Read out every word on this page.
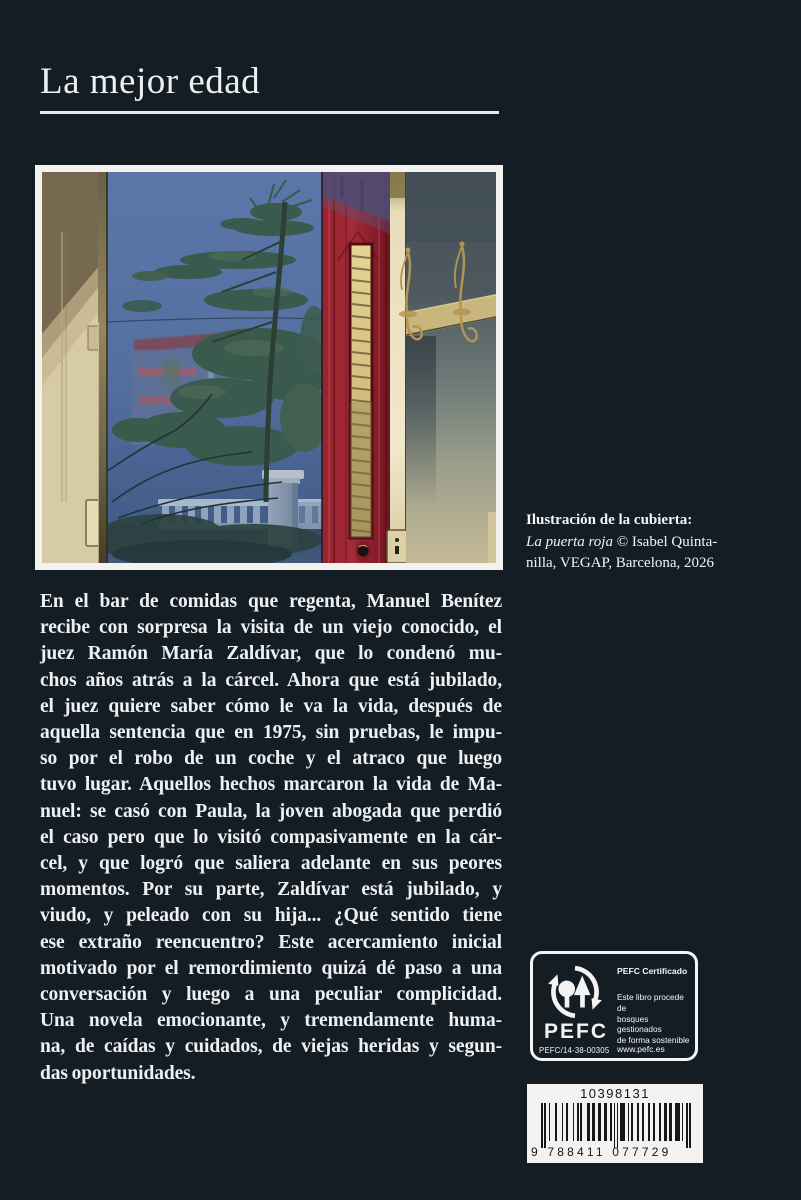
La mejor edad
Ilustración de la cubierta:
La puerta roja © Isabel Quinta-
nilla, VEGAP, Barcelona, 2026
En el bar de comidas que regenta, Manuel Benítez
recibe con sorpresa la visita de un viejo conocido, el
juez Ramón María Zaldívar, que lo condenó mu-
chos años atrás a la cárcel. Ahora que está jubilado,
el juez quiere saber cómo le va la vida, después de
aquella sentencia que en 1975, sin pruebas, le impu-
so por el robo de un coche y el atraco que luego
tuvo lugar. Aquellos hechos marcaron la vida de Ma-
nuel: se casó con Paula, la joven abogada que perdió
el caso pero que lo visitó compasivamente en la cár-
cel, y que logró que saliera adelante en sus peores
momentos. Por su parte, Zaldívar está jubilado, y
viudo, y peleado con su hija... ¿Qué sentido tiene
ese extraño reencuentro? Este acercamiento inicial
motivado por el remordimiento quizá dé paso a una
conversación y luego a una peculiar complicidad.
Una novela emocionante, y tremendamente huma-
na, de caídas y cuidados, de viejas heridas y segun-
das oportunidades.
PEFC
PEFC/14-38-00305
PEFC Certificado
Este libro procede de
bosques gestionados
de forma sostenible
www.pefc.es
10398131
9 788411 077729
